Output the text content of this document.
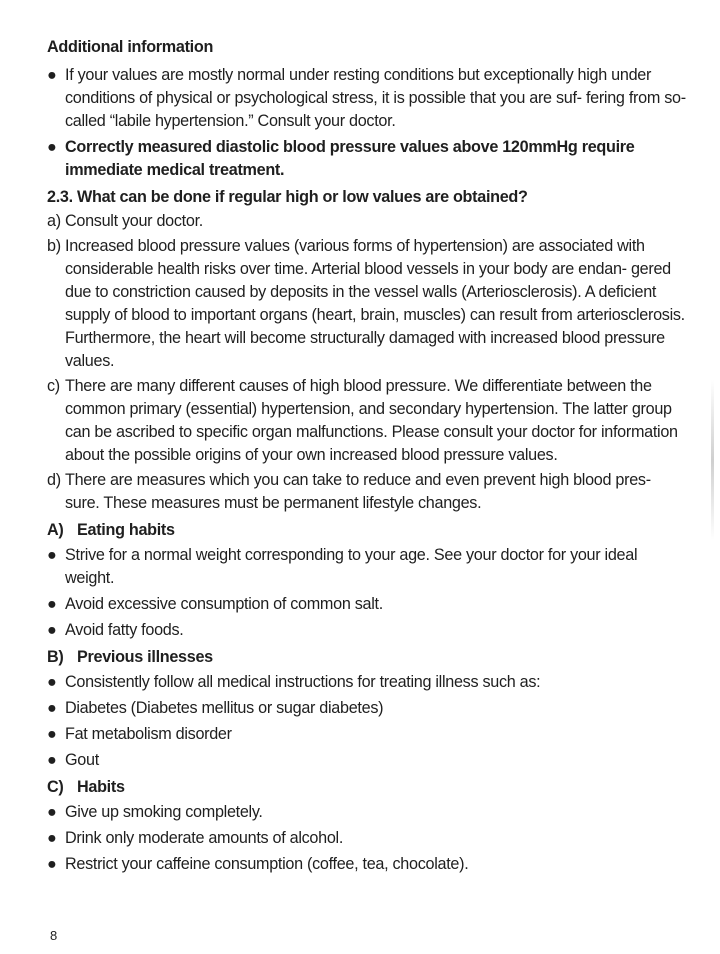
Additional information
● If your values are mostly normal under resting conditions but exceptionally high under conditions of physical or psychological stress, it is possible that you are suf- fering from so-called “labile hypertension.” Consult your doctor.
● Correctly measured diastolic blood pressure values above 120mmHg require immediate medical treatment.
2.3. What can be done if regular high or low values are obtained?
a) Consult your doctor.
b) Increased blood pressure values (various forms of hypertension) are associated with considerable health risks over time. Arterial blood vessels in your body are endan- gered due to constriction caused by deposits in the vessel walls (Arteriosclerosis). A deficient supply of blood to important organs (heart, brain, muscles) can result from arteriosclerosis. Furthermore, the heart will become structurally damaged with increased blood pressure values.
c) There are many different causes of high blood pressure. We differentiate between the common primary (essential) hypertension, and secondary hypertension. The latter group can be ascribed to specific organ malfunctions. Please consult your doctor for information about the possible origins of your own increased blood pressure values.
d) There are measures which you can take to reduce and even prevent high blood pres- sure. These measures must be permanent lifestyle changes.
A) Eating habits
● Strive for a normal weight corresponding to your age. See your doctor for your ideal weight.
● Avoid excessive consumption of common salt.
● Avoid fatty foods.
B) Previous illnesses
● Consistently follow all medical instructions for treating illness such as:
● Diabetes (Diabetes mellitus or sugar diabetes)
● Fat metabolism disorder
● Gout
C) Habits
● Give up smoking completely.
● Drink only moderate amounts of alcohol.
● Restrict your caffeine consumption (coffee, tea, chocolate).
8
